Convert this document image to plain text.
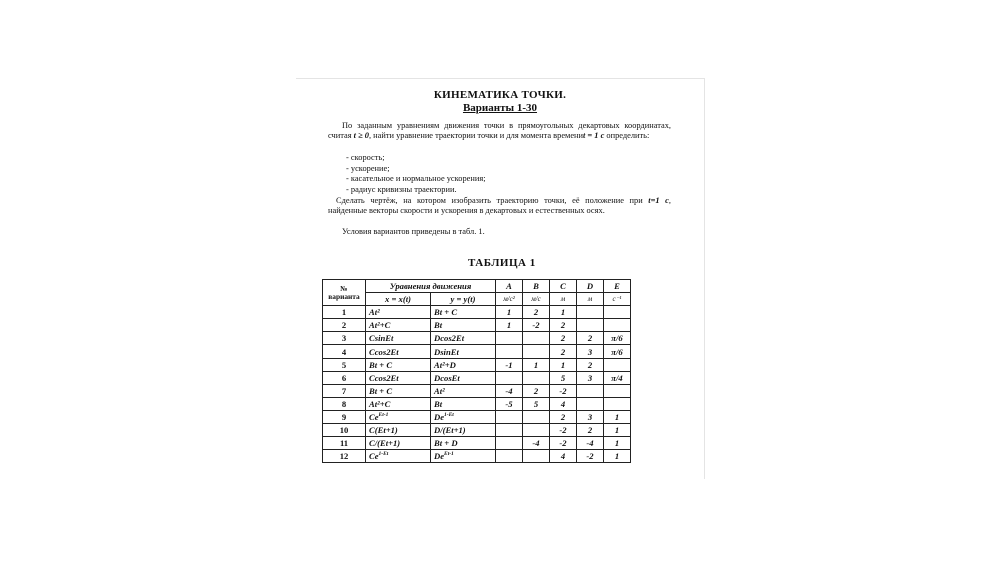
КИНЕМАТИКА ТОЧКИ.
Варианты 1-30

По заданным уравнениям движения точки в прямоугольных декартовых координатах, считая t ≥ 0, найти уравнение траектории точки и для момента времениt = 1 с определить:

- скорость;
- ускорение;
- касательное и нормальное ускорения;
- радиус кривизны траектории.

Сделать чертёж, на котором изобразить траекторию точки, её положение при t=1 с, найденные векторы скорости и ускорения в декартовых и естественных осях.

Условия вариантов приведены в табл. 1.

ТАБЛИЦА 1
№ варианта	Уравнения движения		A	B	C	D	E
	x = x(t)	y = y(t)	м/с²	м/с	м	м	с⁻¹
1	At²	Bt + C	1	2	1		
2	At²+C	Bt	1	-2	2		
3	CsinEt	Dcos2Et			2	2	π/6
4	Ccos2Et	DsinEt			2	3	π/6
5	Bt + C	At²+D	-1	1	1	2	
6	Ccos2Et	DcosEt			5	3	π/4
7	Bt + C	At²	-4	2	-2		
8	At²+C	Bt	-5	5	4		
9	$Ce^{Et-1}$	$De^{1-Et}$			2	3	1
10	C(Et+1)	D/(Et+1)			-2	2	1
11	C/(Et+1)	Bt + D		-4	-2	-4	1
12	$Ce^{1-Et}$	$De^{Et-1}$			4	-2	1
